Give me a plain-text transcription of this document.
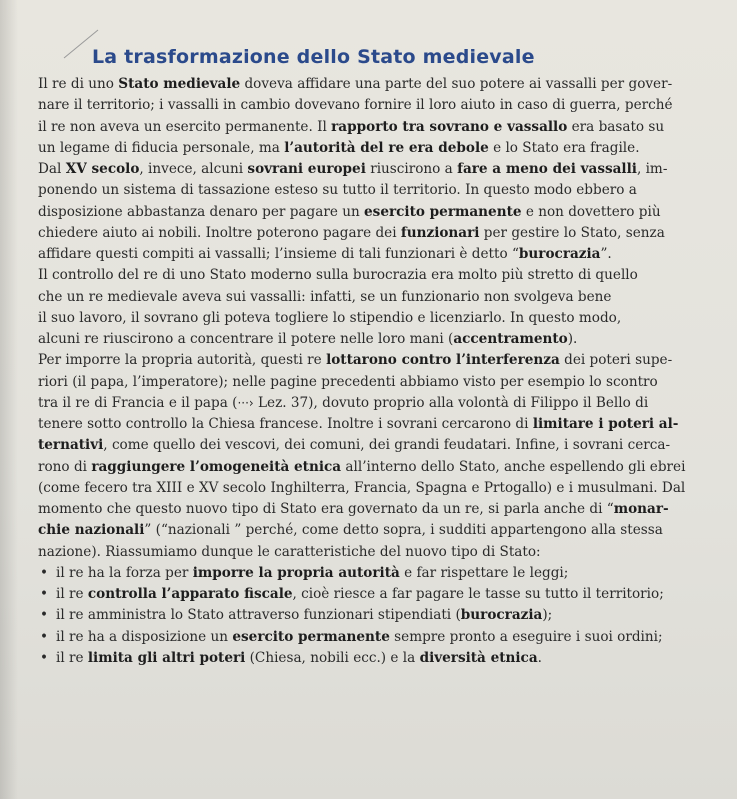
La trasformazione dello Stato medievale
Il re di uno Stato medievale doveva affidare una parte del suo potere ai vassalli per gover-
nare il territorio; i vassalli in cambio dovevano fornire il loro aiuto in caso di guerra, perché
il re non aveva un esercito permanente. Il rapporto tra sovrano e vassallo era basato su
un legame di fiducia personale, ma l’autorità del re era debole e lo Stato era fragile.
Dal XV secolo, invece, alcuni sovrani europei riuscirono a fare a meno dei vassalli, im-
ponendo un sistema di tassazione esteso su tutto il territorio. In questo modo ebbero a
disposizione abbastanza denaro per pagare un esercito permanente e non dovettero più
chiedere aiuto ai nobili. Inoltre poterono pagare dei funzionari per gestire lo Stato, senza
affidare questi compiti ai vassalli; l’insieme di tali funzionari è detto “burocrazia”.
Il controllo del re di uno Stato moderno sulla burocrazia era molto più stretto di quello
che un re medievale aveva sui vassalli: infatti, se un funzionario non svolgeva bene
il suo lavoro, il sovrano gli poteva togliere lo stipendio e licenziarlo. In questo modo,
alcuni re riuscirono a concentrare il potere nelle loro mani (accentramento).
Per imporre la propria autorità, questi re lottarono contro l’interferenza dei poteri supe-
riori (il papa, l’imperatore); nelle pagine precedenti abbiamo visto per esempio lo scontro
tra il re di Francia e il papa (···› Lez. 37), dovuto proprio alla volontà di Filippo il Bello di
tenere sotto controllo la Chiesa francese. Inoltre i sovrani cercarono di limitare i poteri al-
ternativi, come quello dei vescovi, dei comuni, dei grandi feudatari. Infine, i sovrani cerca-
rono di raggiungere l’omogeneità etnica all’interno dello Stato, anche espellendo gli ebrei
(come fecero tra XIII e XV secolo Inghilterra, Francia, Spagna e Prtogallo) e i musulmani. Dal
momento che questo nuovo tipo di Stato era governato da un re, si parla anche di “monar-
chie nazionali” (“nazionali ” perché, come detto sopra, i sudditi appartengono alla stessa
nazione). Riassumiamo dunque le caratteristiche del nuovo tipo di Stato:
• il re ha la forza per imporre la propria autorità e far rispettare le leggi;
• il re controlla l’apparato fiscale, cioè riesce a far pagare le tasse su tutto il territorio;
• il re amministra lo Stato attraverso funzionari stipendiati (burocrazia);
• il re ha a disposizione un esercito permanente sempre pronto a eseguire i suoi ordini;
• il re limita gli altri poteri (Chiesa, nobili ecc.) e la diversità etnica.
